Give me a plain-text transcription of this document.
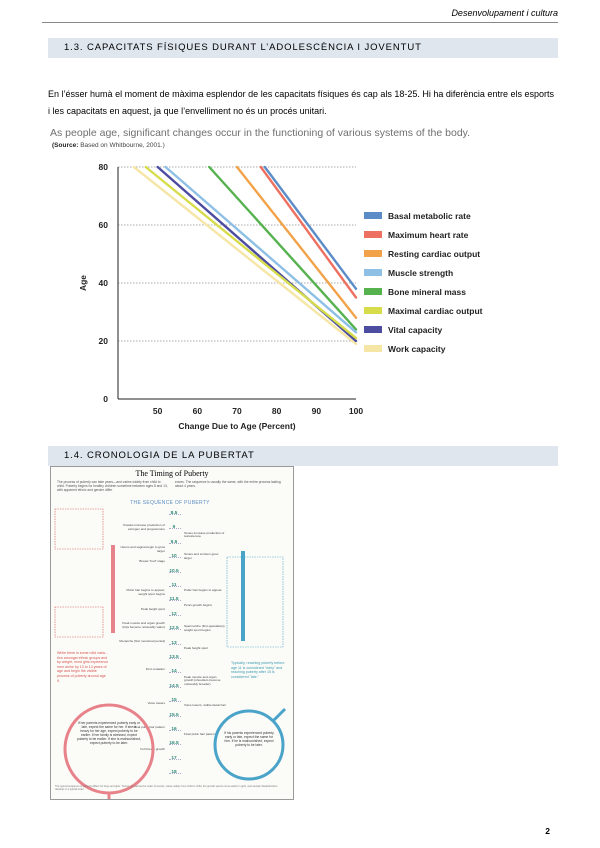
Desenvolupament i cultura
1.3. CAPACITATS FÍSIQUES DURANT L’ADOLESCÈNCIA I JOVENTUT
En l’ésser humà el moment de màxima esplendor de les capacitats físiques és cap als 18-25. Hi ha diferència entre els esports i les capacitats en aquest, ja que l’envelliment no és un procés unitari.
As people age, significant changes occur in the functioning of various systems of the body.
(Source: Based on Whitbourne, 2001.)
0
20
40
60
80
50	60	70	80	90	100
Change Due to Age (Percent)
Age
Basal metabolic rate
Maximum heart rate
Resting cardiac output
Muscle strength
Bone mineral mass
Maximal cardiac output
Vital capacity
Work capacity
1.4. CRONOLOGIA DE LA PUBERTAT
The Timing of Puberty
The process of puberty can take years—and varies widely from child to child. Puberty begins for healthy children sometime between ages 8 and 13, with apparent ethnic and gender differ
ences. The sequence is usually the same, with the entire process lasting about 4 years.
THE SEQUENCE OF PUBERTY
8.5
9
9.5
10
10.5
11
11.5
12
12.5
13
13.5
14
14.5
15
15.5
16
16.5
17
18
Ovaries increase production of estrogen and progesterone
Uterus and vagina begin to grow larger
Breast "bud" stage
Pubic hair begins to appear; weight spurt begins
Peak height spurt
Peak muscle and organ growth (hips become noticeably wider)
Menarche (first menstrual period)
First ovulation
Voice lowers
Final pubic hair pattern
Full breast growth
Testes increase production of testosterone
Testes and scrotum grow larger
Pubic hair begins to appear
Penis growth begins
Spermarche (first ejaculation); weight spurt begins
Peak height spurt
Peak muscle and organ growth (shoulders become noticeably broader)
Voice lowers; visible facial hair
Final pubic hair pattern
While there is some mild varia... tion amongst ethnic groups and by weight, most girls experience men arche by 13 to 14 years of age and begin the visible process of puberty around age 9.
Typically, reaching puberty before age 11 is considered "early" and reaching puberty after 15 is considered "late."
If her parents experienced puberty early or late, expect the same for her. If she is heavy for her age, expect puberty to be earlier. If her family is stressed, expect puberty to be earlier. If she is malnourished, expect puberty to be later.
If his parents experienced puberty early or late, expect the same for him. If he is malnourished, expect puberty to be later.
The typical sequence of puberty differs for boys and girls. Timing, as well as the order of events, varies widely from child to child, but growth spurts come earlier in girls, and sexual characteristics develop in a typical order.
2
